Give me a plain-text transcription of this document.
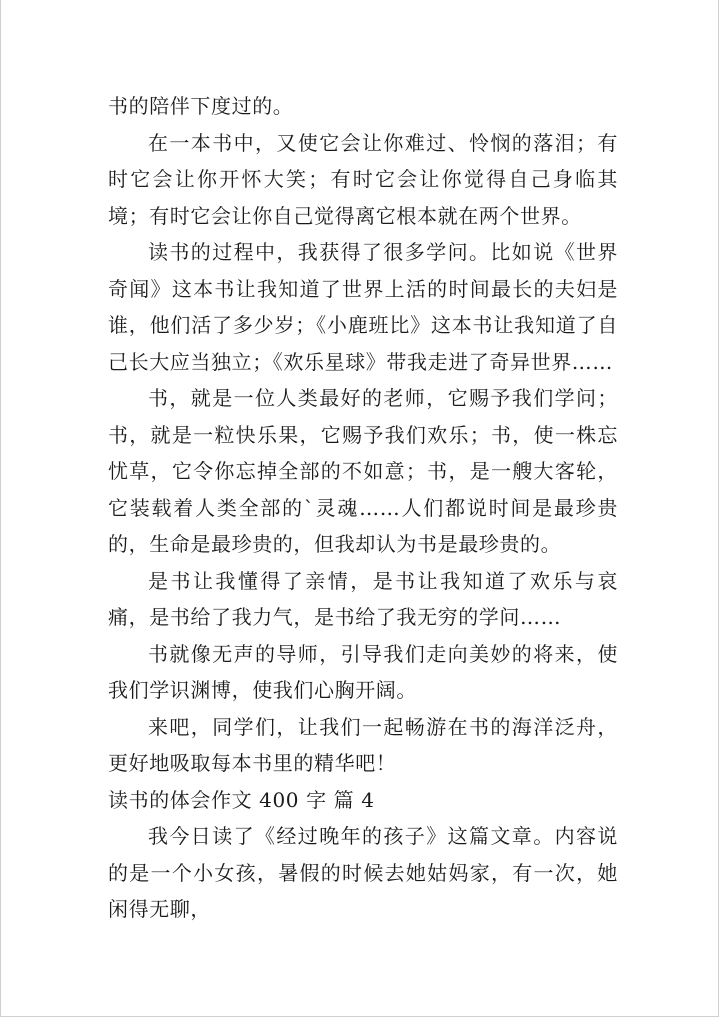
书的陪伴下度过的。

在一本书中，又使它会让你难过、怜悯的落泪；有时它会让你开怀大笑；有时它会让你觉得自己身临其境；有时它会让你自己觉得离它根本就在两个世界。

读书的过程中，我获得了很多学问。比如说《世界奇闻》这本书让我知道了世界上活的时间最长的夫妇是谁，他们活了多少岁；《小鹿班比》这本书让我知道了自己长大应当独立；《欢乐星球》带我走进了奇异世界……

书，就是一位人类最好的老师，它赐予我们学问；书，就是一粒快乐果，它赐予我们欢乐；书，使一株忘忧草，它令你忘掉全部的不如意；书，是一艘大客轮，它装载着人类全部的`灵魂……人们都说时间是最珍贵的，生命是最珍贵的，但我却认为书是最珍贵的。

是书让我懂得了亲情，是书让我知道了欢乐与哀痛，是书给了我力气，是书给了我无穷的学问……

书就像无声的导师，引导我们走向美妙的将来，使我们学识渊博，使我们心胸开阔。

来吧，同学们，让我们一起畅游在书的海洋泛舟，更好地吸取每本书里的精华吧！

读书的体会作文 400 字 篇 4

我今日读了《经过晚年的孩子》这篇文章。内容说的是一个小女孩，暑假的时候去她姑妈家，有一次，她闲得无聊，
